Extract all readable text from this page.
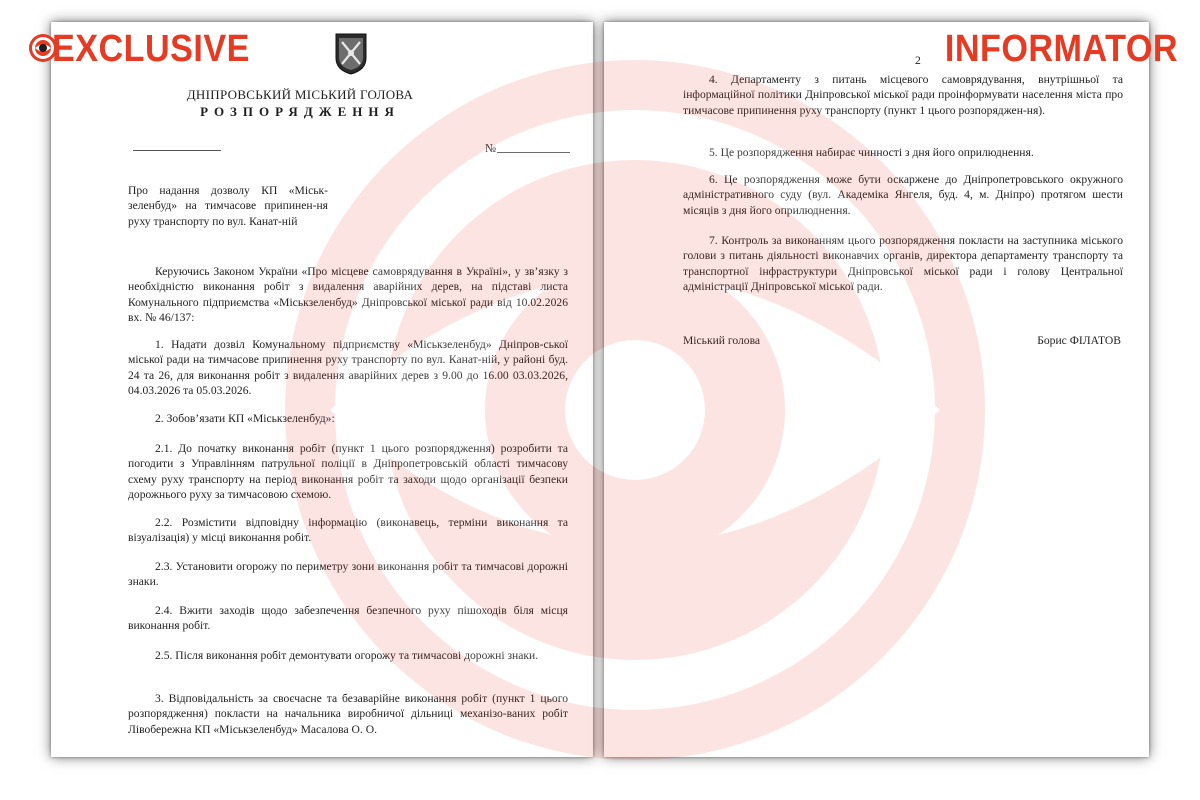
EXCLUSIVE	INFORMATOR
ДНІПРОВСЬКИЙ МІСЬКИЙ ГОЛОВА
РОЗПОРЯДЖЕННЯ
№
Про надання дозволу КП «Міськ-зеленбуд» на тимчасове припинен-ня руху транспорту по вул. Канат-ній
Керуючись Законом України «Про місцеве самоврядування в Україні», у зв’язку з необхідністю виконання робіт з видалення аварійних дерев, на підставі листа Комунального підприємства «Міськзеленбуд» Дніпровської міської ради від 10.02.2026 вх. № 46/137:
1. Надати дозвіл Комунальному підприємству «Міськзеленбуд» Дніпров-ської міської ради на тимчасове припинення руху транспорту по вул. Канат-ній, у районі буд. 24 та 26, для виконання робіт з видалення аварійних дерев з 9.00 до 16.00 03.03.2026, 04.03.2026 та 05.03.2026.
2. Зобов’язати КП «Міськзеленбуд»:
2.1. До початку виконання робіт (пункт 1 цього розпорядження) розробити та погодити з Управлінням патрульної поліції в Дніпропетровській області тимчасову схему руху транспорту на період виконання робіт та заходи щодо організації безпеки дорожнього руху за тимчасовою схемою.
2.2. Розмістити відповідну інформацію (виконавець, терміни виконання та візуалізація) у місці виконання робіт.
2.3. Установити огорожу по периметру зони виконання робіт та тимчасові дорожні знаки.
2.4. Вжити заходів щодо забезпечення безпечного руху пішоходів біля місця виконання робіт.
2.5. Після виконання робіт демонтувати огорожу та тимчасові дорожні знаки.
3. Відповідальність за своєчасне та безаварійне виконання робіт (пункт 1 цього розпорядження) покласти на начальника виробничої дільниці механізо-ваних робіт Лівобережна КП «Міськзеленбуд» Масалова О. О.
2
4. Департаменту з питань місцевого самоврядування, внутрішньої та інформаційної політики Дніпровської міської ради проінформувати населення міста про тимчасове припинення руху транспорту (пункт 1 цього розпоряджен-ня).
5. Це розпорядження набирає чинності з дня його оприлюднення.
6. Це розпорядження може бути оскаржене до Дніпропетровського окружного адміністративного суду (вул. Академіка Янгеля, буд. 4, м. Дніпро) протягом шести місяців з дня його оприлюднення.
7. Контроль за виконанням цього розпорядження покласти на заступника міського голови з питань діяльності виконавчих органів, директора департаменту транспорту та транспортної інфраструктури Дніпровської міської ради і голову Центральної адміністрації Дніпровської міської ради.
Міський голова	Борис ФІЛАТОВ
